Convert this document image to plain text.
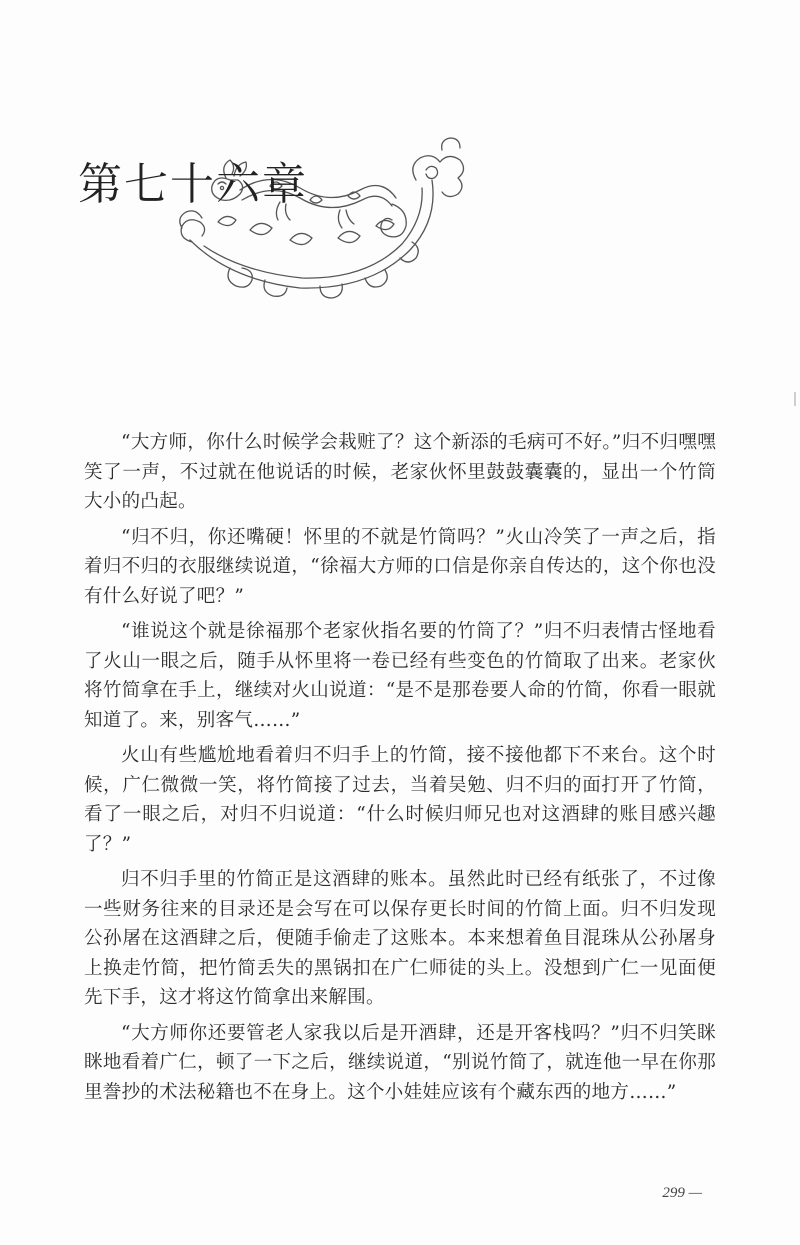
第七十六章

“大方师，你什么时候学会栽赃了？这个新添的毛病可不好。”归不归嘿嘿笑了一声，不过就在他说话的时候，老家伙怀里鼓鼓囊囊的，显出一个竹筒大小的凸起。

“归不归，你还嘴硬！怀里的不就是竹筒吗？”火山冷笑了一声之后，指着归不归的衣服继续说道，“徐福大方师的口信是你亲自传达的，这个你也没有什么好说了吧？”

“谁说这个就是徐福那个老家伙指名要的竹筒了？”归不归表情古怪地看了火山一眼之后，随手从怀里将一卷已经有些变色的竹简取了出来。老家伙将竹简拿在手上，继续对火山说道：“是不是那卷要人命的竹简，你看一眼就知道了。来，别客气……”

火山有些尴尬地看着归不归手上的竹简，接不接他都下不来台。这个时候，广仁微微一笑，将竹简接了过去，当着吴勉、归不归的面打开了竹简，看了一眼之后，对归不归说道：“什么时候归师兄也对这酒肆的账目感兴趣了？”

归不归手里的竹简正是这酒肆的账本。虽然此时已经有纸张了，不过像一些财务往来的目录还是会写在可以保存更长时间的竹简上面。归不归发现公孙屠在这酒肆之后，便随手偷走了这账本。本来想着鱼目混珠从公孙屠身上换走竹简，把竹简丢失的黑锅扣在广仁师徒的头上。没想到广仁一见面便先下手，这才将这竹简拿出来解围。

“大方师你还要管老人家我以后是开酒肆，还是开客栈吗？”归不归笑眯眯地看着广仁，顿了一下之后，继续说道，“别说竹简了，就连他一早在你那里誊抄的术法秘籍也不在身上。这个小娃娃应该有个藏东西的地方……”

299 —
